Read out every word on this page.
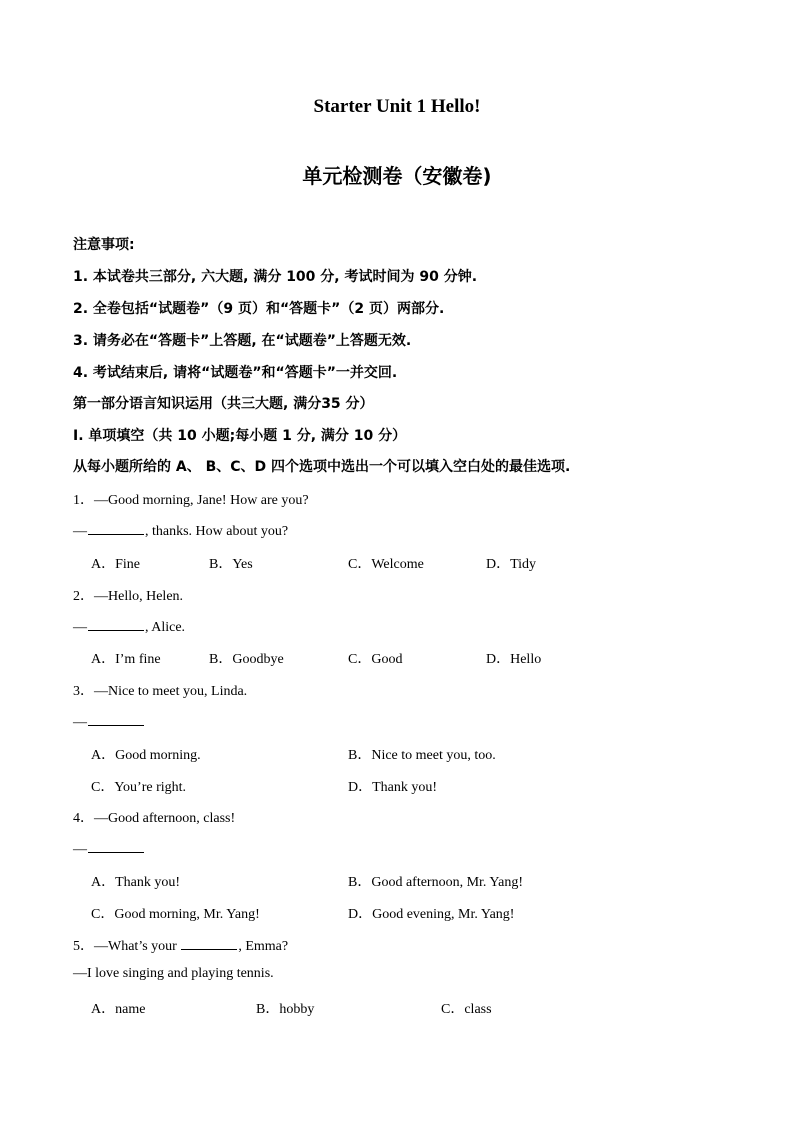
Starter Unit 1 Hello!
单元检测卷（安徽卷)
注意事项:
1. 本试卷共三部分, 六大题, 满分 100 分, 考试时间为 90 分钟.
2. 全卷包括“试题卷”（9 页）和“答题卡”（2 页）两部分.
3. 请务必在“答题卡”上答题, 在“试题卷”上答题无效.
4. 考试结束后, 请将“试题卷”和“答题卡”一并交回.
第一部分语言知识运用（共三大题, 满分35 分）
I. 单项填空（共 10 小题;每小题 1 分, 满分 10 分）
从每小题所给的 A、 B、C、D 四个选项中选出一个可以填入空白处的最佳选项.
1．—Good morning, Jane! How are you?
—	, thanks. How about you?
A．Fine	B．Yes	C．Welcome	D．Tidy
2．—Hello, Helen.
—	, Alice.
A．I’m fine	B．Goodbye	C．Good	D．Hello
3．—Nice to meet you, Linda.
—
A．Good morning.	B．Nice to meet you, too.
C．You’re right.	D．Thank you!
4．—Good afternoon, class!
—
A．Thank you!	B．Good afternoon, Mr. Yang!
C．Good morning, Mr. Yang!	D．Good evening, Mr. Yang!
5．—What’s your	, Emma?
—I love singing and playing tennis.
A．name	B．hobby	C．class
